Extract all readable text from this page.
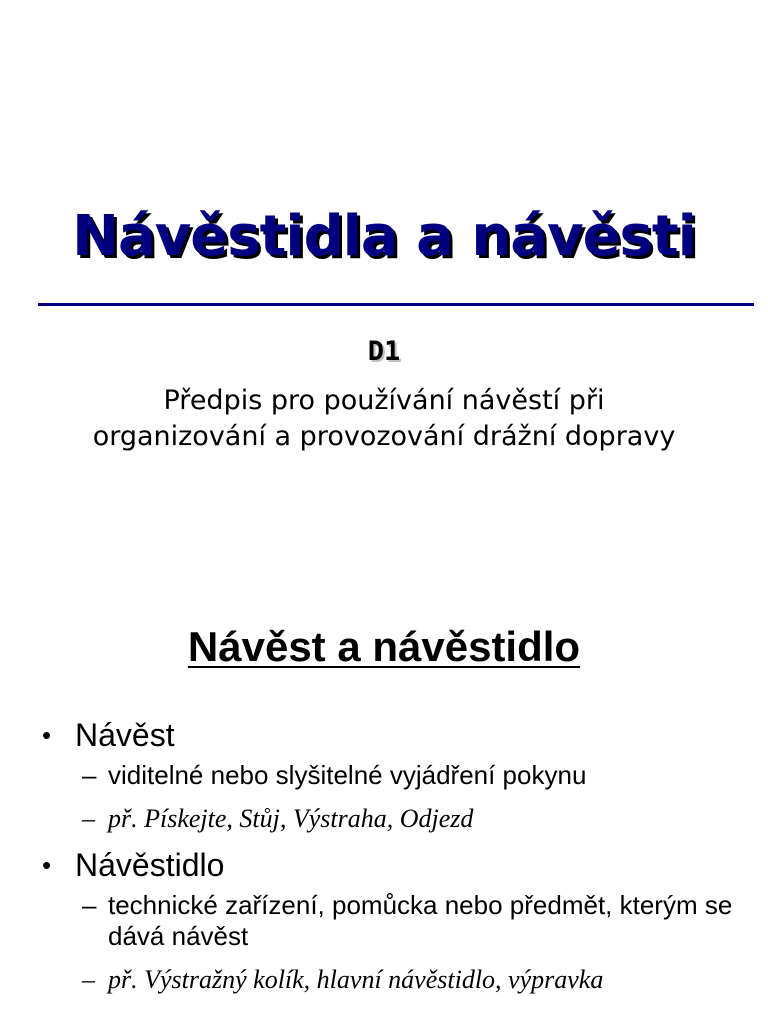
Návěstidla a návěsti
D1
Předpis pro používání návěstí při
organizování a provozování drážní dopravy
Návěst a návěstidlo
• Návěst
– viditelné nebo slyšitelné vyjádření pokynu
– př. Pískejte, Stůj, Výstraha, Odjezd
• Návěstidlo
– technické zařízení, pomůcka nebo předmět, kterým se dává návěst
– př. Výstražný kolík, hlavní návěstidlo, výpravka
